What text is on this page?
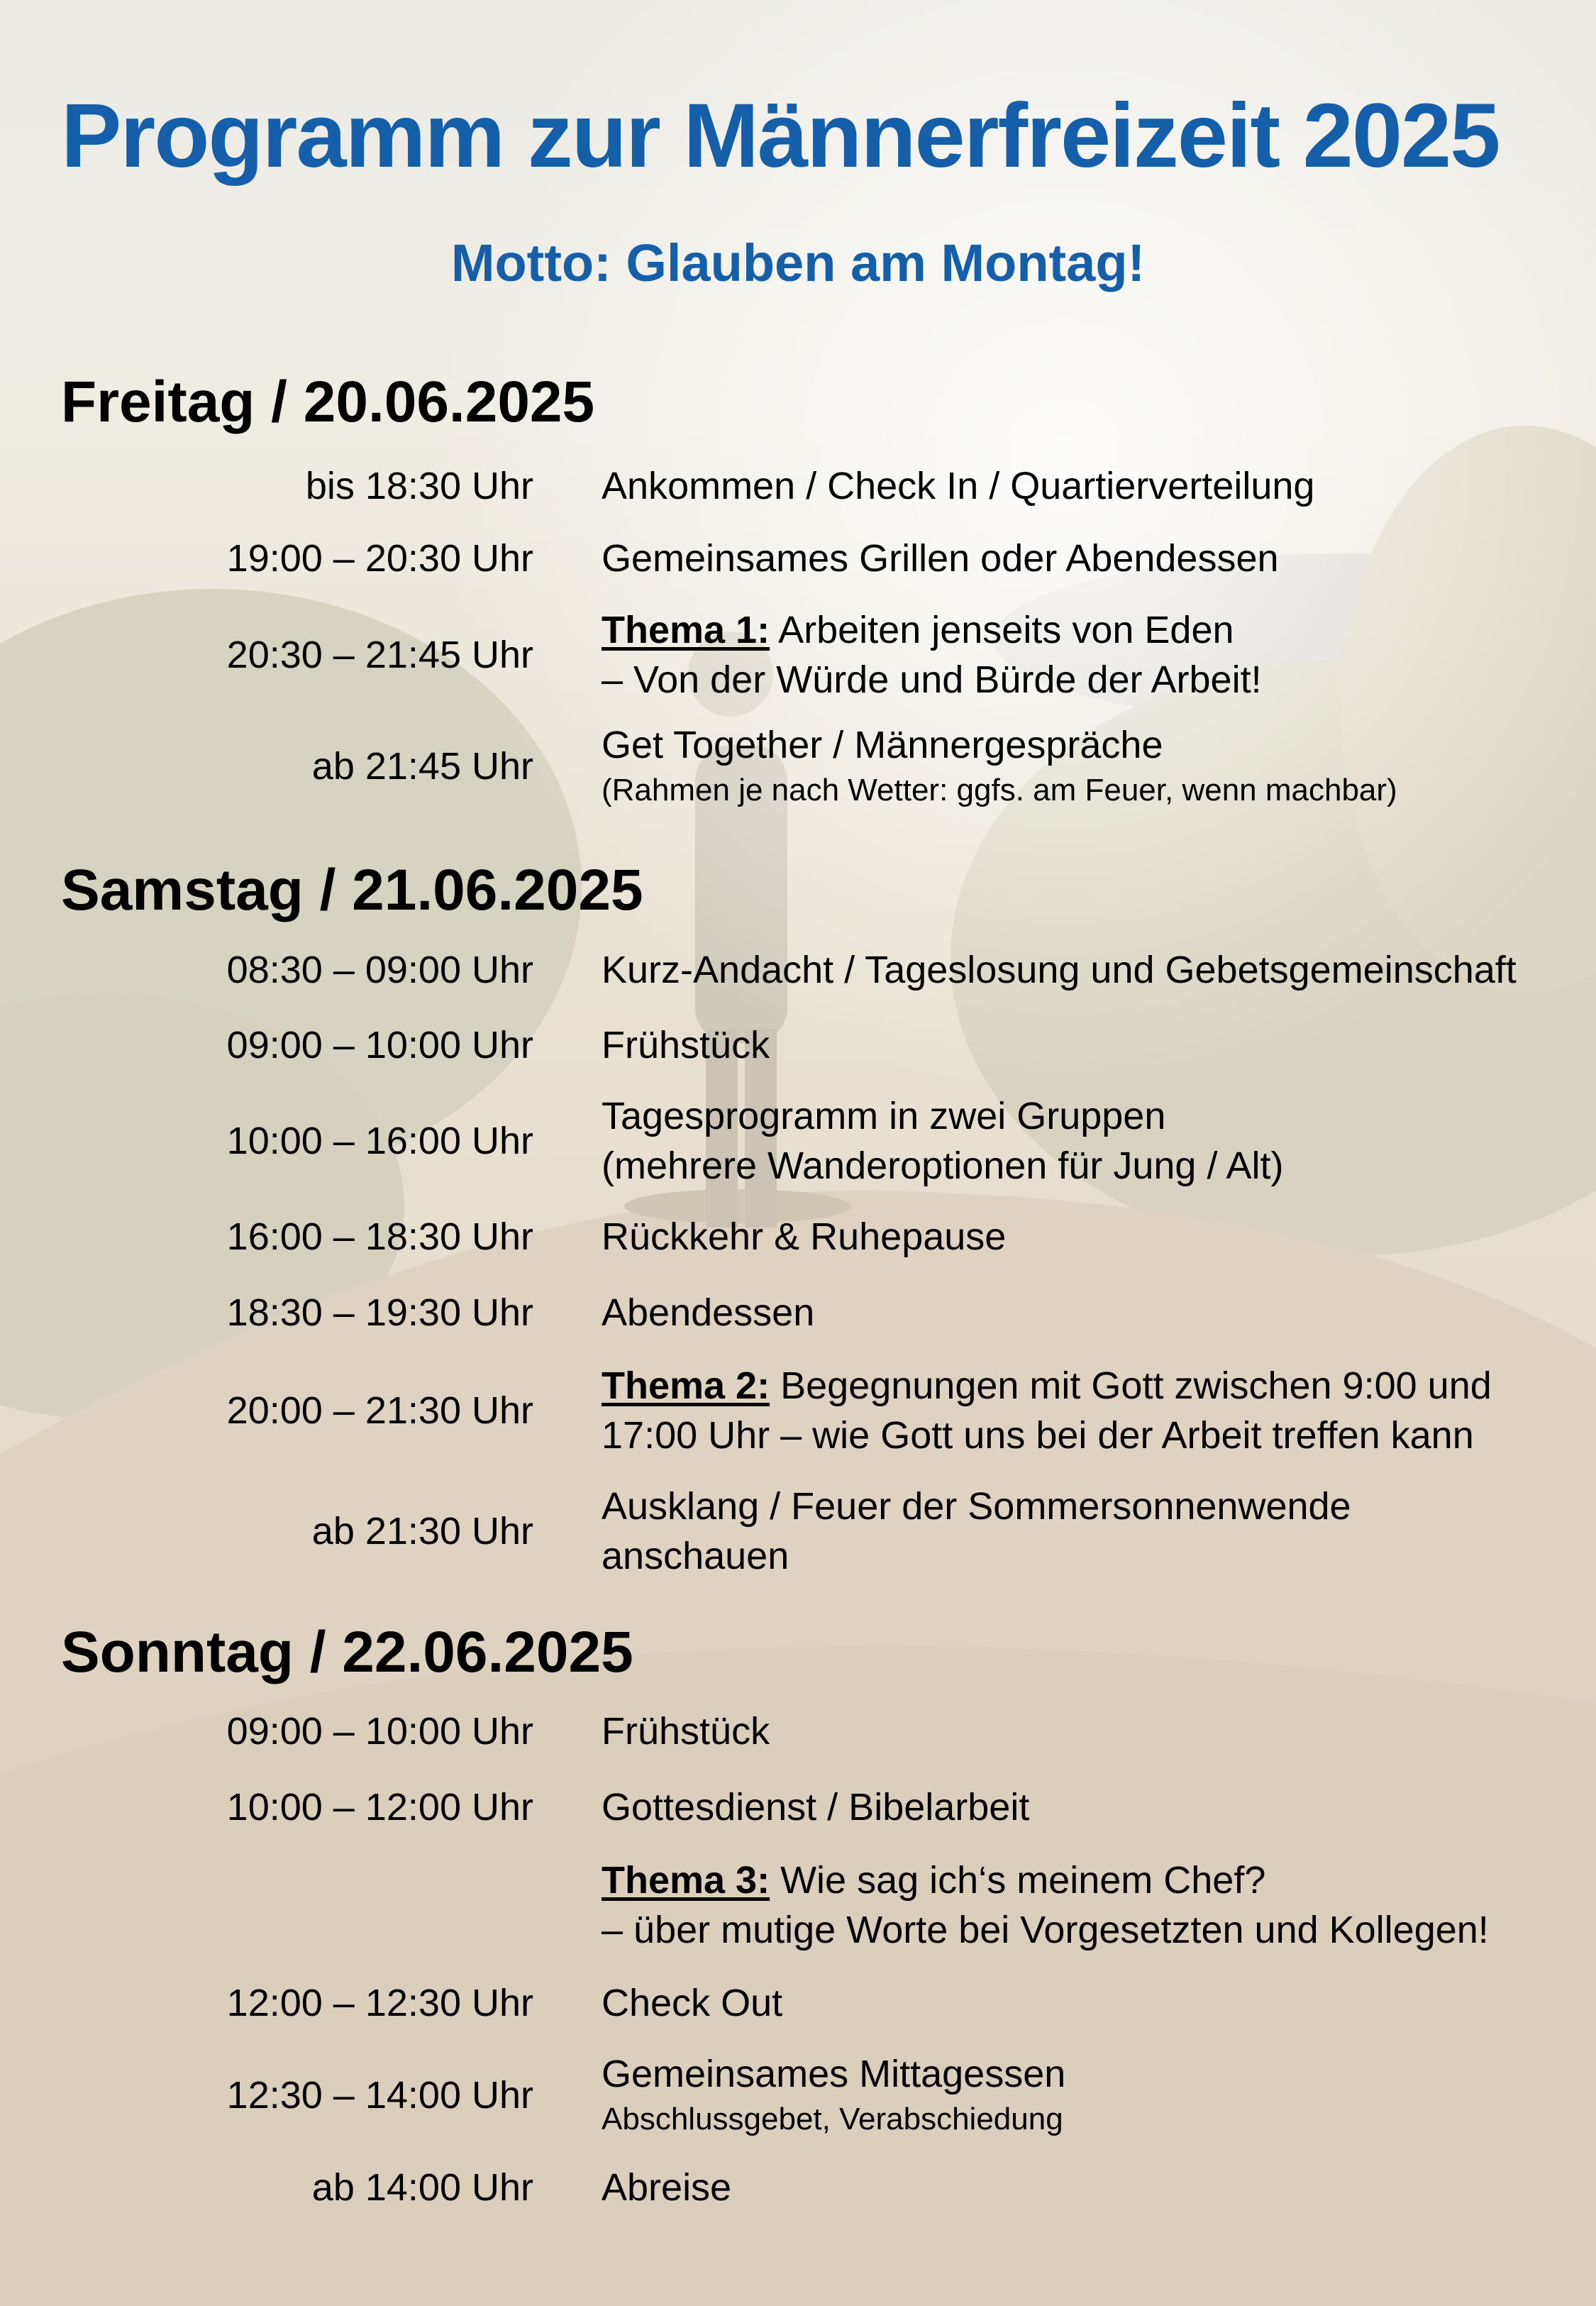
Programm zur Männerfreizeit 2025
Motto: Glauben am Montag!
Freitag / 20.06.2025
bis 18:30 Uhr Ankommen / Check In / Quartierverteilung
19:00 – 20:30 Uhr Gemeinsames Grillen oder Abendessen
20:30 – 21:45 Uhr
Thema 1: Arbeiten jenseits von Eden
– Von der Würde und Bürde der Arbeit!
ab 21:45 Uhr Get Together / Männergespräche
(Rahmen je nach Wetter: ggfs. am Feuer, wenn machbar)
Samstag / 21.06.2025
08:30 – 09:00 Uhr Kurz-Andacht / Tageslosung und Gebetsgemeinschaft
09:00 – 10:00 Uhr Frühstück
10:00 – 16:00 Uhr
Tagesprogramm in zwei Gruppen
(mehrere Wanderoptionen für Jung / Alt)
16:00 – 18:30 Uhr Rückkehr & Ruhepause
18:30 – 19:30 Uhr Abendessen
20:00 – 21:30 Uhr
Thema 2: Begegnungen mit Gott zwischen 9:00 und
17:00 Uhr – wie Gott uns bei der Arbeit treffen kann
ab 21:30 Uhr
Ausklang / Feuer der Sommersonnenwende
anschauen
Sonntag / 22.06.2025
09:00 – 10:00 Uhr Frühstück
10:00 – 12:00 Uhr Gottesdienst / Bibelarbeit
Thema 3: Wie sag ich‘s meinem Chef?
– über mutige Worte bei Vorgesetzten und Kollegen!
12:00 – 12:30 Uhr Check Out
12:30 – 14:00 Uhr Gemeinsames Mittagessen
Abschlussgebet, Verabschiedung
ab 14:00 Uhr Abreise
